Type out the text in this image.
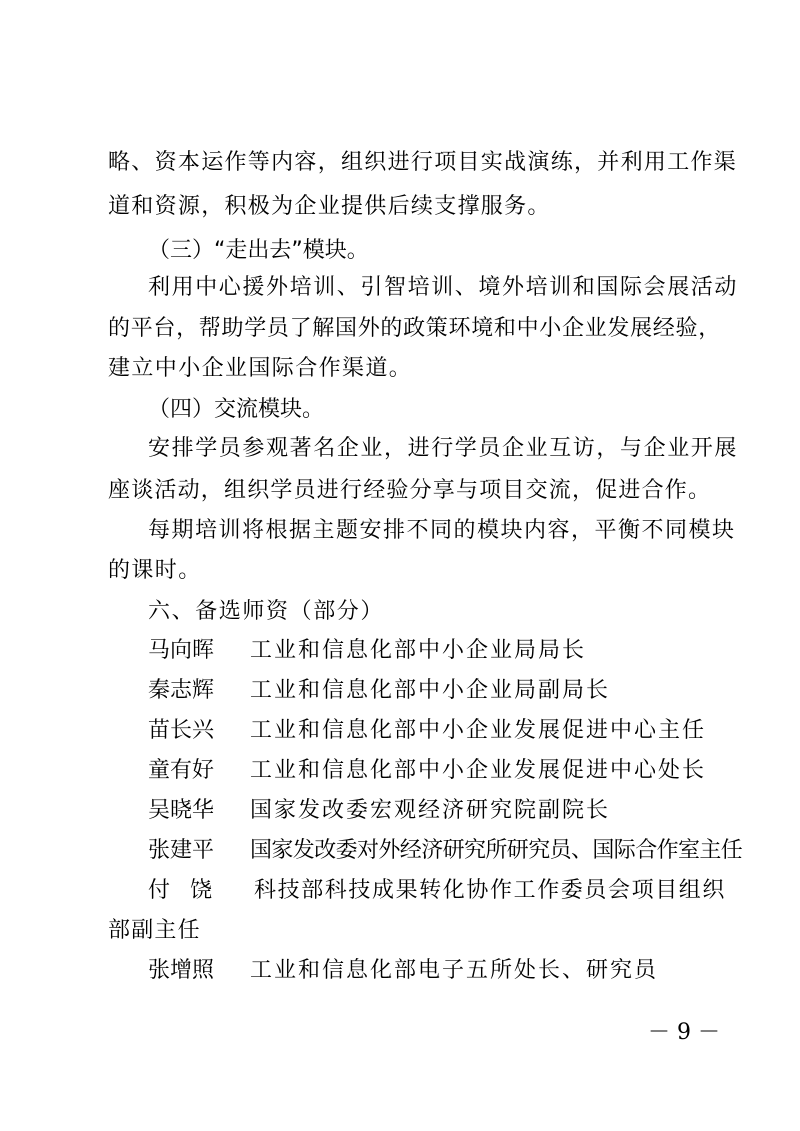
略、资本运作等内容，组织进行项目实战演练，并利用工作渠
道和资源，积极为企业提供后续支撑服务。
（三）“走出去”模块。
利用中心援外培训、引智培训、境外培训和国际会展活动
的平台，帮助学员了解国外的政策环境和中小企业发展经验，
建立中小企业国际合作渠道。
（四）交流模块。
安排学员参观著名企业，进行学员企业互访，与企业开展
座谈活动，组织学员进行经验分享与项目交流，促进合作。
每期培训将根据主题安排不同的模块内容，平衡不同模块
的课时。
六、备选师资（部分）
马向晖 工业和信息化部中小企业局局长
秦志辉 工业和信息化部中小企业局副局长
苗长兴 工业和信息化部中小企业发展促进中心主任
童有好 工业和信息化部中小企业发展促进中心处长
吴晓华 国家发改委宏观经济研究院副院长
张建平 国家发改委对外经济研究所研究员、国际合作室主任
付饶 科技部科技成果转化协作工作委员会项目组织
部副主任
张增照 工业和信息化部电子五所处长、研究员
－ 9 －
